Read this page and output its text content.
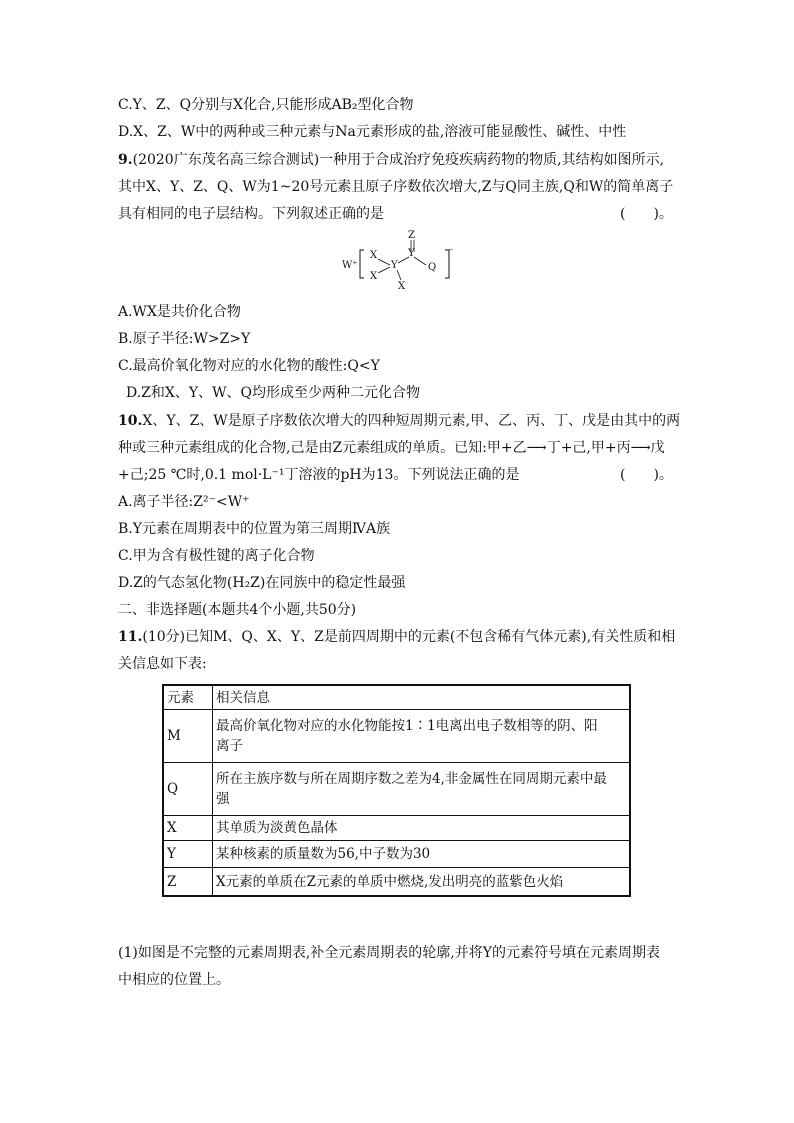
C.Y、Z、Q分别与X化合,只能形成AB₂型化合物
D.X、Z、W中的两种或三种元素与Na元素形成的盐,溶液可能显酸性、碱性、中性
9.(2020广东茂名高三综合测试)一种用于合成治疗免疫疾病药物的物质,其结构如图所示,
其中X、Y、Z、Q、W为1~20号元素且原子序数依次增大,Z与Q同主族,Q和W的简单离子
具有相同的电子层结构。下列叙述正确的是	(　　)。
W⁺
X
X
Y
X
Y
Z
Q
⁻
A.WX是共价化合物
B.原子半径:W>Z>Y
C.最高价氧化物对应的水化物的酸性:Q<Y
D.Z和X、Y、W、Q均形成至少两种二元化合物
10.X、Y、Z、W是原子序数依次增大的四种短周期元素,甲、乙、丙、丁、戊是由其中的两
种或三种元素组成的化合物,己是由Z元素组成的单质。已知:甲+乙⟶丁+己,甲+丙⟶戊
+己;25 ℃时,0.1 mol·L⁻¹丁溶液的pH为13。下列说法正确的是	(　　)。
A.离子半径:Z²⁻<W⁺
B.Y元素在周期表中的位置为第三周期ⅣA族
C.甲为含有极性键的离子化合物
D.Z的气态氢化物(H₂Z)在同族中的稳定性最强
二、非选择题(本题共4个小题,共50分)
11.(10分)已知M、Q、X、Y、Z是前四周期中的元素(不包含稀有气体元素),有关性质和相
关信息如下表:
元素	相关信息
M	最高价氧化物对应的水化物能按1∶1电离出电子数相等的阴、阳
离子

Q	所在主族序数与所在周期序数之差为4,非金属性在同周期元素中最
强

X	其单质为淡黄色晶体
Y	某种核素的质量数为56,中子数为30
Z	X元素的单质在Z元素的单质中燃烧,发出明亮的蓝紫色火焰
(1)如图是不完整的元素周期表,补全元素周期表的轮廓,并将Y的元素符号填在元素周期表
中相应的位置上。
